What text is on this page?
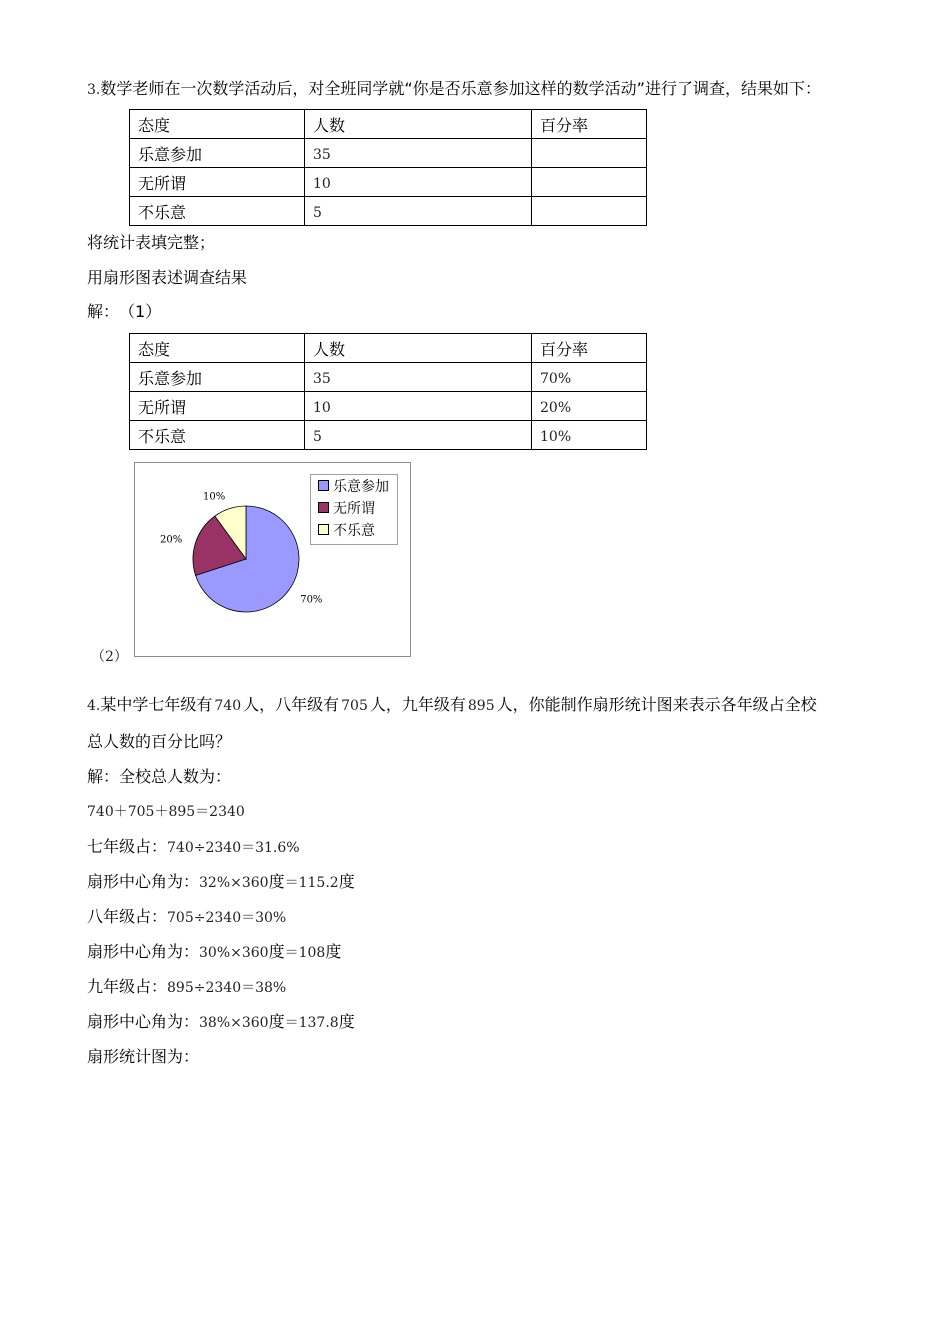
3.数学老师在一次数学活动后，对全班同学就“你是否乐意参加这样的数学活动”进行了调查，结果如下：
态度	人数	百分率
乐意参加	35	
无所谓	10	
不乐意	5	
将统计表填完整；
用扇形图表述调查结果
解： （1）
态度	人数	百分率
乐意参加	35	70%
无所谓	10	20%
不乐意	5	10%
70%
20%
10%
乐意参加
无所谓
不乐意
（2）
4.某中学七年级有 740 人，八年级有 705 人，九年级有 895 人，你能制作扇形统计图来表示各年级占全校
总人数的百分比吗？
解：全校总人数为：
740＋705＋895＝2340
七年级占：740÷2340＝31.6%
扇形中心角为：32%×360度＝115.2度
八年级占：705÷2340＝30%
扇形中心角为：30%×360度＝108度
九年级占：895÷2340＝38%
扇形中心角为：38%×360度＝137.8度
扇形统计图为：
